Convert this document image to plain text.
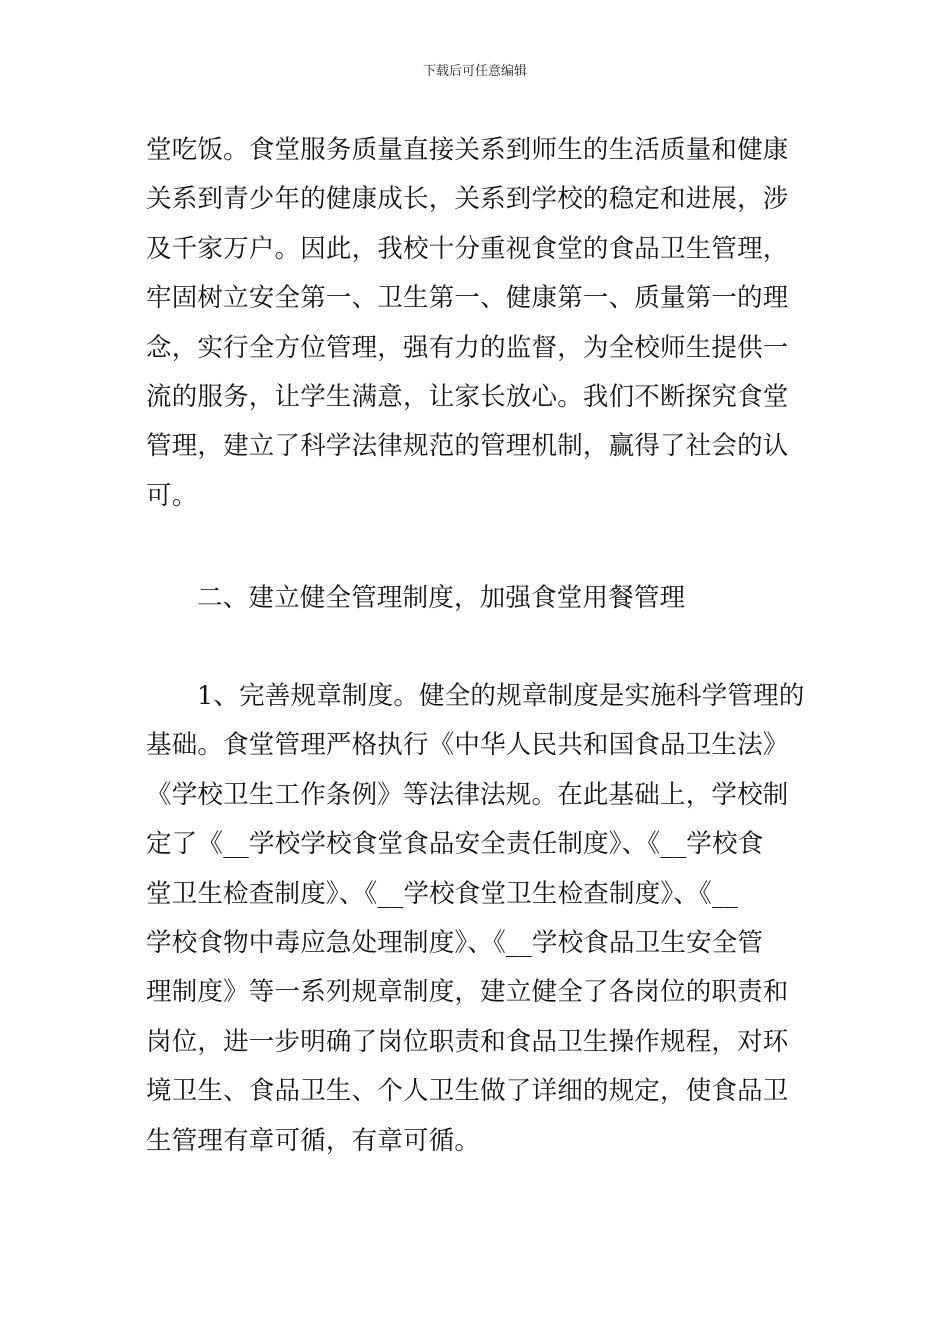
下载后可任意编辑

堂吃饭。食堂服务质量直接关系到师生的生活质量和健康
关系到青少年的健康成长，关系到学校的稳定和进展，涉
及千家万户。因此，我校十分重视食堂的食品卫生管理，
牢固树立安全第一、卫生第一、健康第一、质量第一的理
念，实行全方位管理，强有力的监督，为全校师生提供一
流的服务，让学生满意，让家长放心。我们不断探究食堂
管理，建立了科学法律规范的管理机制，赢得了社会的认
可。

二、建立健全管理制度，加强食堂用餐管理

1、完善规章制度。健全的规章制度是实施科学管理的
基础。食堂管理严格执行《中华人民共和国食品卫生法》
《学校卫生工作条例》等法律法规。在此基础上，学校制
定了《__学校学校食堂食品安全责任制度》、《__学校食
堂卫生检查制度》、《__学校食堂卫生检查制度》、《__
学校食物中毒应急处理制度》、《__学校食品卫生安全管
理制度》等一系列规章制度，建立健全了各岗位的职责和
岗位，进一步明确了岗位职责和食品卫生操作规程，对环
境卫生、食品卫生、个人卫生做了详细的规定，使食品卫
生管理有章可循，有章可循。
